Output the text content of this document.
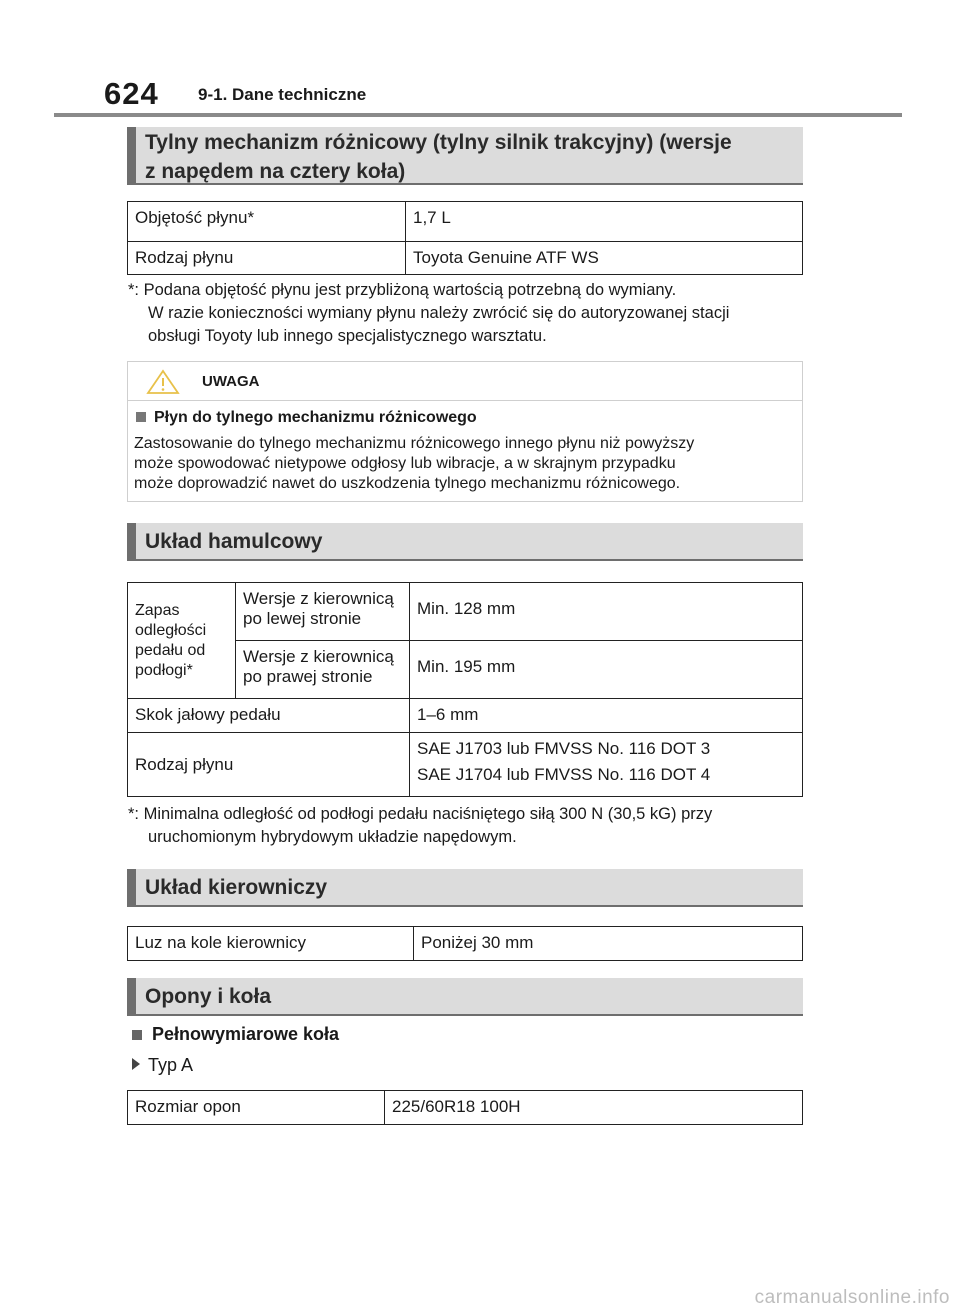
624 9-1. Dane techniczne
Tylny mechanizm różnicowy (tylny silnik trakcyjny) (wersje
z napędem na cztery koła)
Objętość płynu*	1,7 L
Rodzaj płynu	Toyota Genuine ATF WS
*: Podana objętość płynu jest przybliżoną wartością potrzebną do wymiany.
W razie konieczności wymiany płynu należy zwrócić się do autoryzowanej stacji
obsługi Toyoty lub innego specjalistycznego warsztatu.
UWAGA
Płyn do tylnego mechanizmu różnicowego
Zastosowanie do tylnego mechanizmu różnicowego innego płynu niż powyższy
może spowodować nietypowe odgłosy lub wibracje, a w skrajnym przypadku
może doprowadzić nawet do uszkodzenia tylnego mechanizmu różnicowego.
Układ hamulcowy
Zapas odległości pedału od podłogi*	Wersje z kierownicą po lewej stronie	Min. 128 mm
	Wersje z kierownicą po prawej stronie	Min. 195 mm
Skok jałowy pedału		1–6 mm
Rodzaj płynu		SAE J1703 lub FMVSS No. 116 DOT 3
SAE J1704 lub FMVSS No. 116 DOT 4
*: Minimalna odległość od podłogi pedału naciśniętego siłą 300 N (30,5 kG) przy
uruchomionym hybrydowym układzie napędowym.
Układ kierowniczy
Luz na kole kierownicy	Poniżej 30 mm
Opony i koła
Pełnowymiarowe koła
Typ A
Rozmiar opon	225/60R18 100H
carmanualsonline.info
